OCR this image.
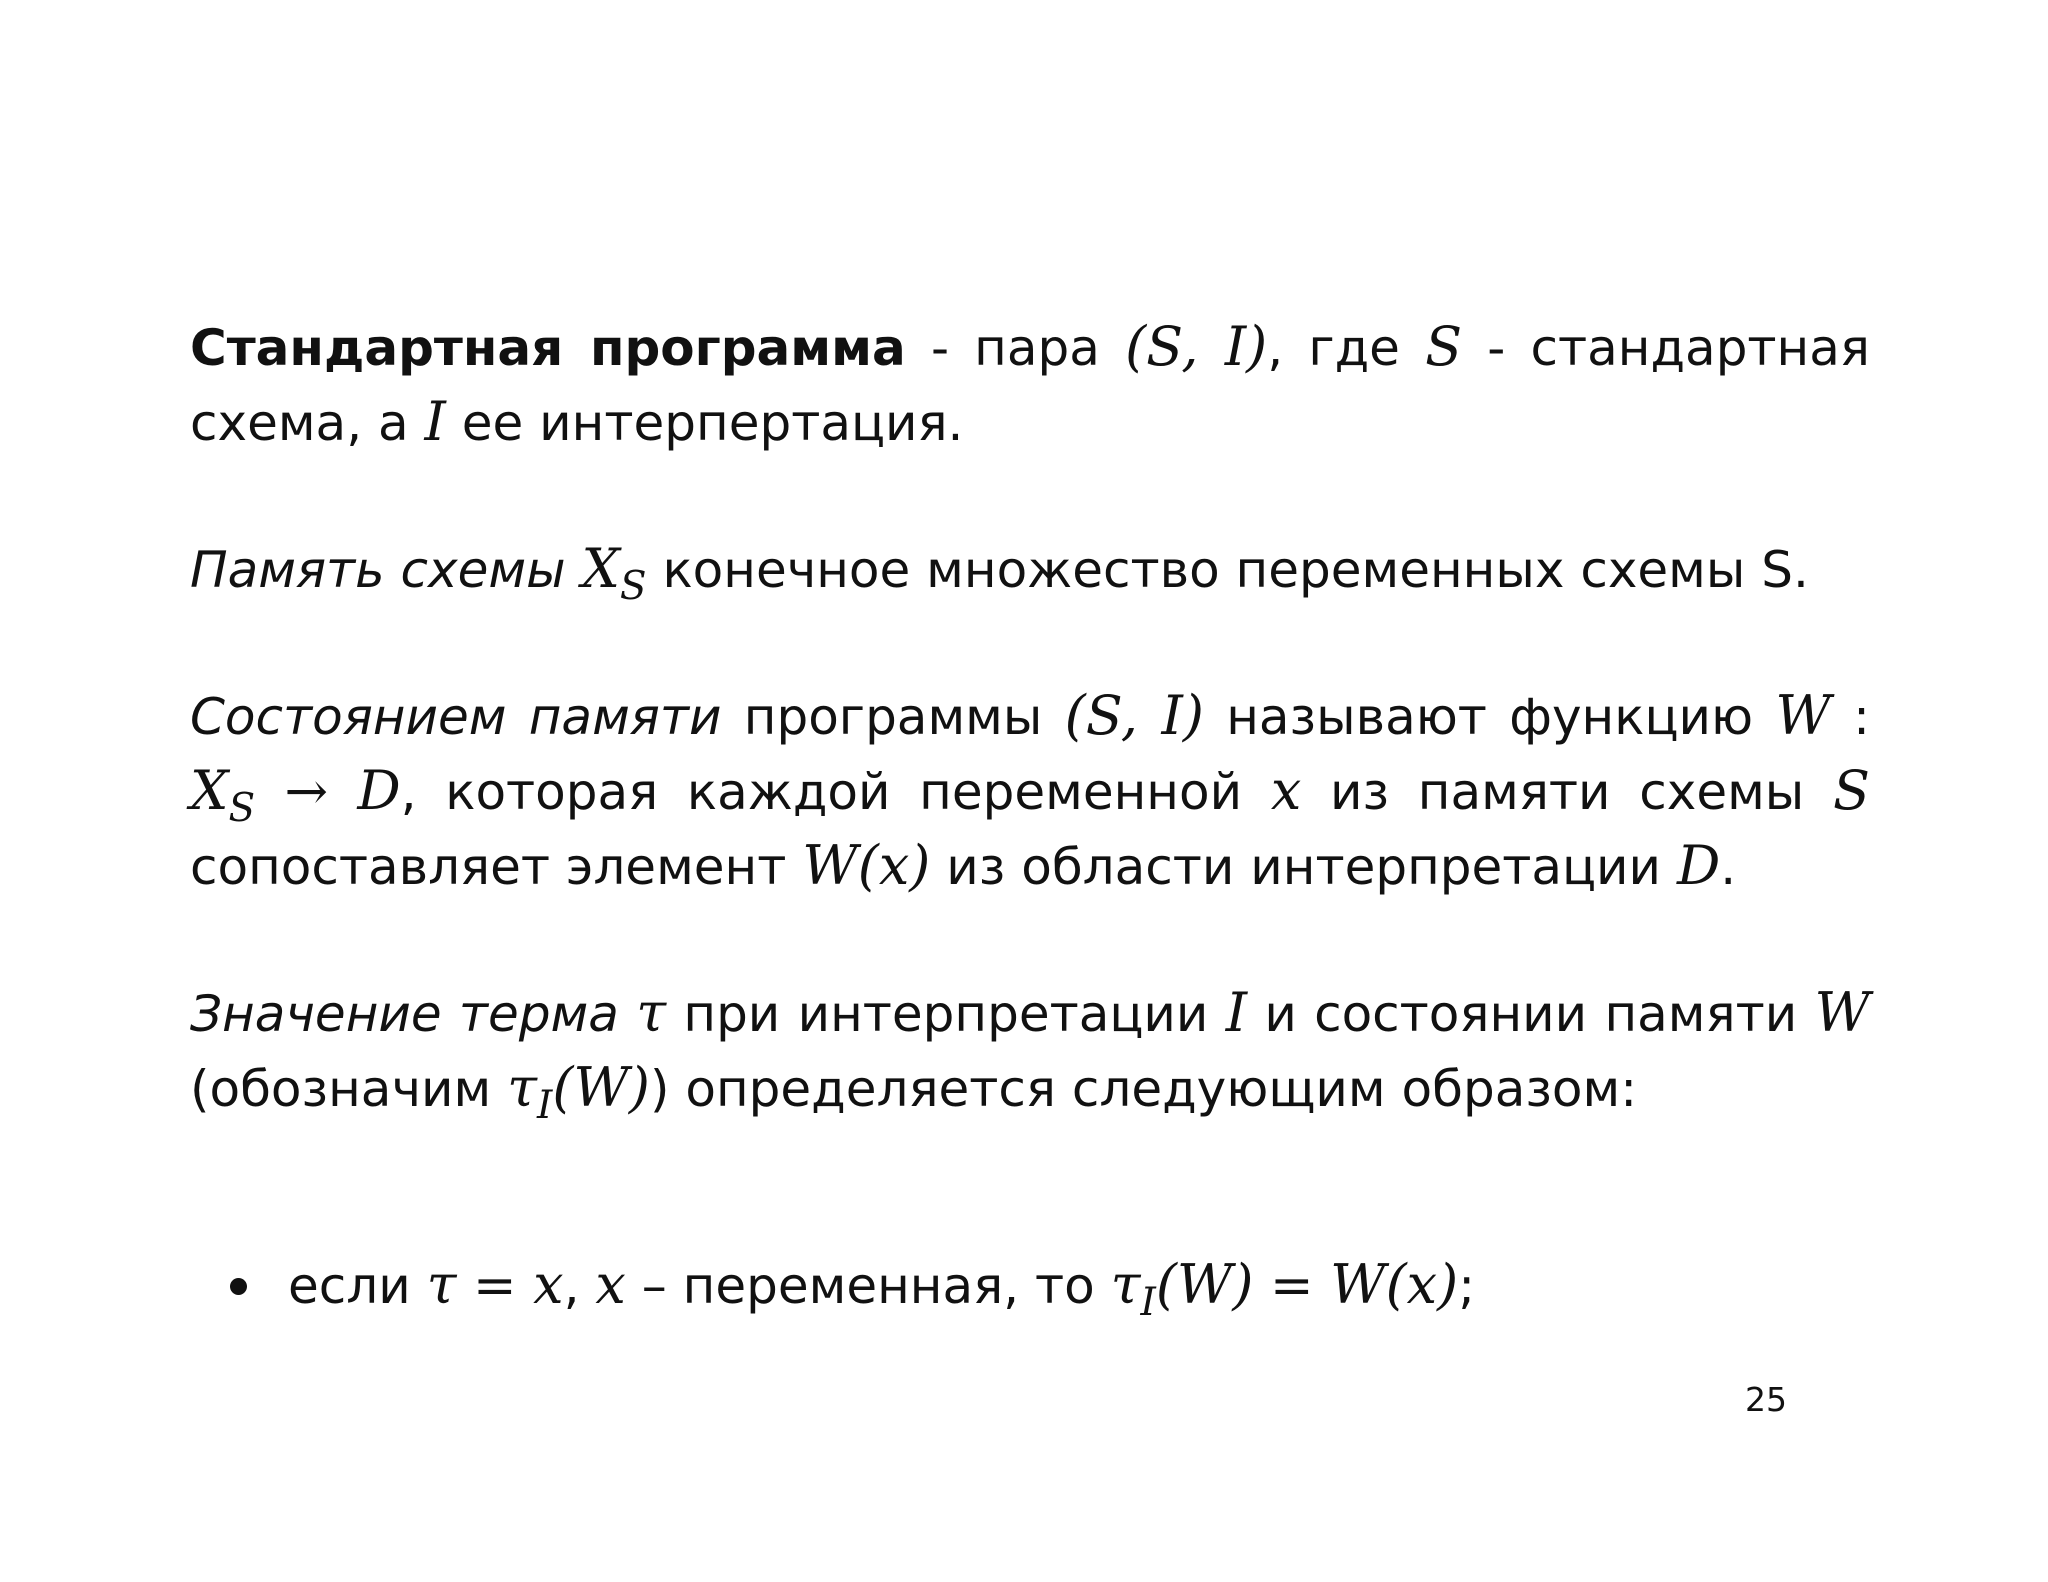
Стандартная программа - пара (S, I), где S - стандартная схема, а I ее интерпертация.

Память схемы $X_S$ конечное множество переменных схемы S.

Состоянием памяти программы (S, I) называют функцию W : $X_S \to D$, которая каждой переменной x из памяти схемы S сопоставляет элемент W(x) из области интерпретации D.

Значение терма τ при интерпретации I и состоянии памяти W (обозначим $\tau_I(W)$) определяется следующим образом:

если τ = x, x – переменная, то $\tau_I(W) = W(x)$;
25
